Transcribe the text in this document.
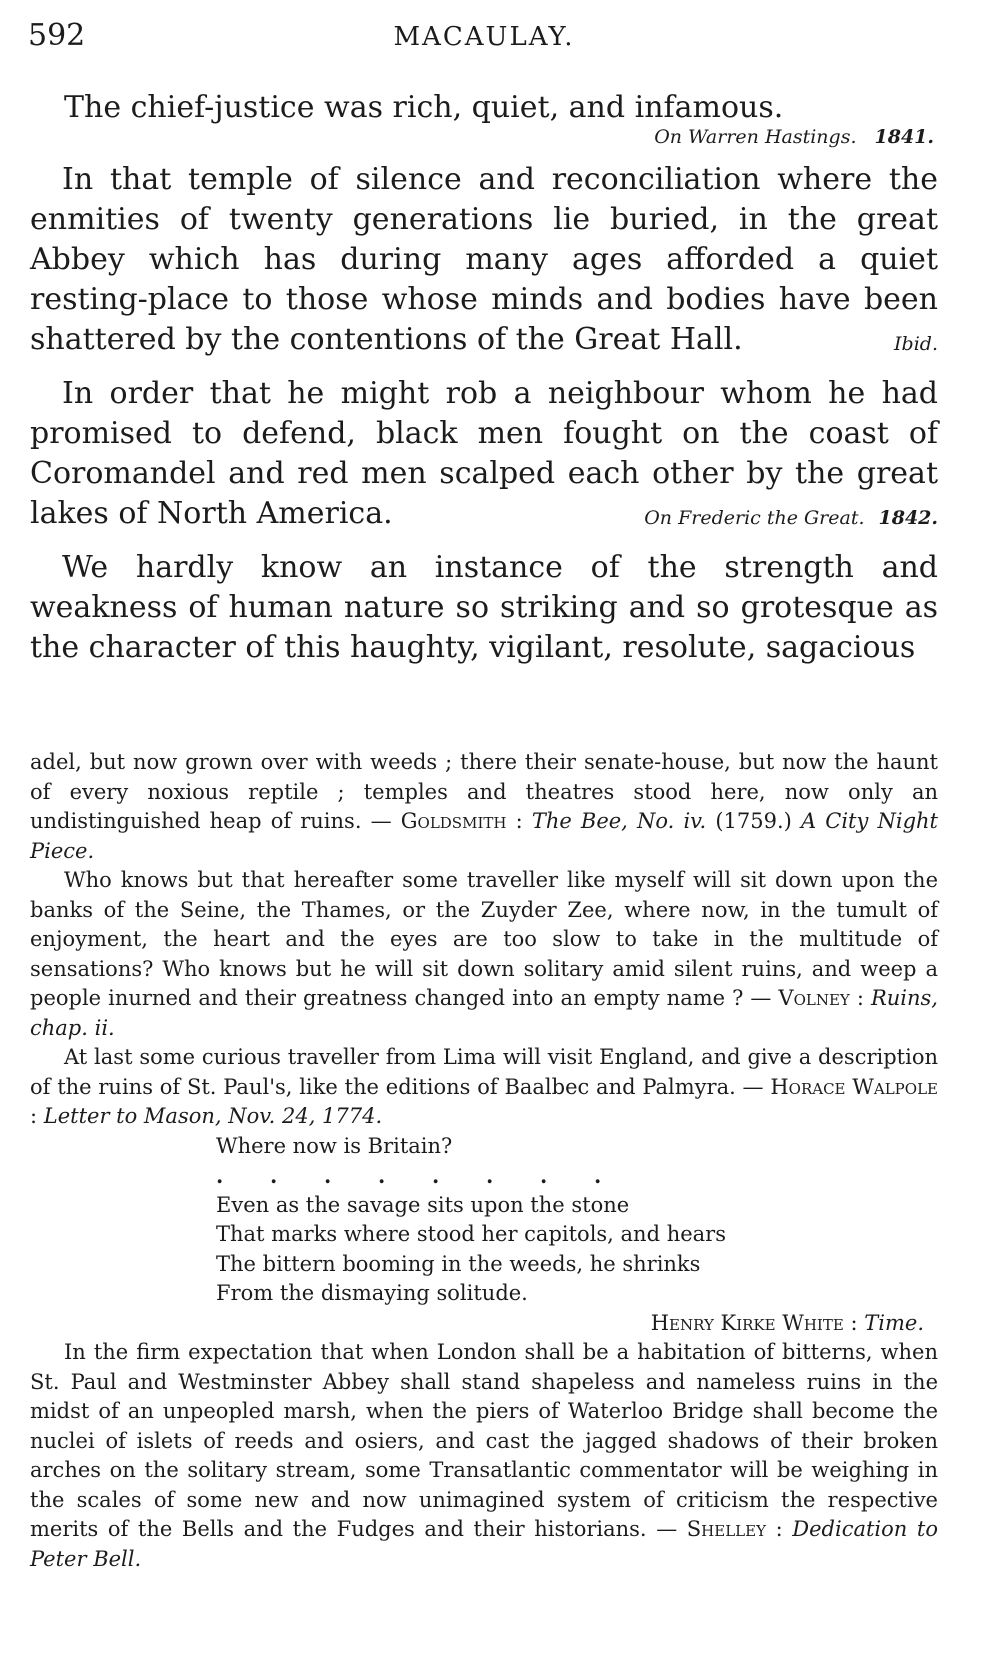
592	MACAULAY.

The chief-justice was rich, quiet, and infamous.

On Warren Hastings. 1841.

In that temple of silence and reconciliation where the enmities of twenty generations lie buried, in the great Abbey which has during many ages afforded a quiet resting-place to those whose minds and bodies have been shattered by the contentions of the Great Hall.	Ibid.

In order that he might rob a neighbour whom he had promised to defend, black men fought on the coast of Coromandel and red men scalped each other by the great lakes of North America.	On Frederic the Great. 1842.

We hardly know an instance of the strength and weakness of human nature so striking and so grotesque as the character of this haughty, vigilant, resolute, sagacious

adel, but now grown over with weeds ; there their senate-house, but now the haunt of every noxious reptile ; temples and theatres stood here, now only an undistinguished heap of ruins. — Goldsmith : The Bee, No. iv. (1759.) A City Night Piece.

Who knows but that hereafter some traveller like myself will sit down upon the banks of the Seine, the Thames, or the Zuyder Zee, where now, in the tumult of enjoyment, the heart and the eyes are too slow to take in the multitude of sensations? Who knows but he will sit down solitary amid silent ruins, and weep a people inurned and their greatness changed into an empty name ? — Volney : Ruins, chap. ii.

At last some curious traveller from Lima will visit England, and give a description of the ruins of St. Paul's, like the editions of Baalbec and Palmyra. — Horace Walpole : Letter to Mason, Nov. 24, 1774.

Where now is Britain?
. . . . . . . .
Even as the savage sits upon the stone
That marks where stood her capitols, and hears
The bittern booming in the weeds, he shrinks
From the dismaying solitude.

Henry Kirke White : Time.

In the firm expectation that when London shall be a habitation of bitterns, when St. Paul and Westminster Abbey shall stand shapeless and nameless ruins in the midst of an unpeopled marsh, when the piers of Waterloo Bridge shall become the nuclei of islets of reeds and osiers, and cast the jagged shadows of their broken arches on the solitary stream, some Transatlantic commentator will be weighing in the scales of some new and now unimagined system of criticism the respective merits of the Bells and the Fudges and their historians. — Shelley : Dedication to Peter Bell.
